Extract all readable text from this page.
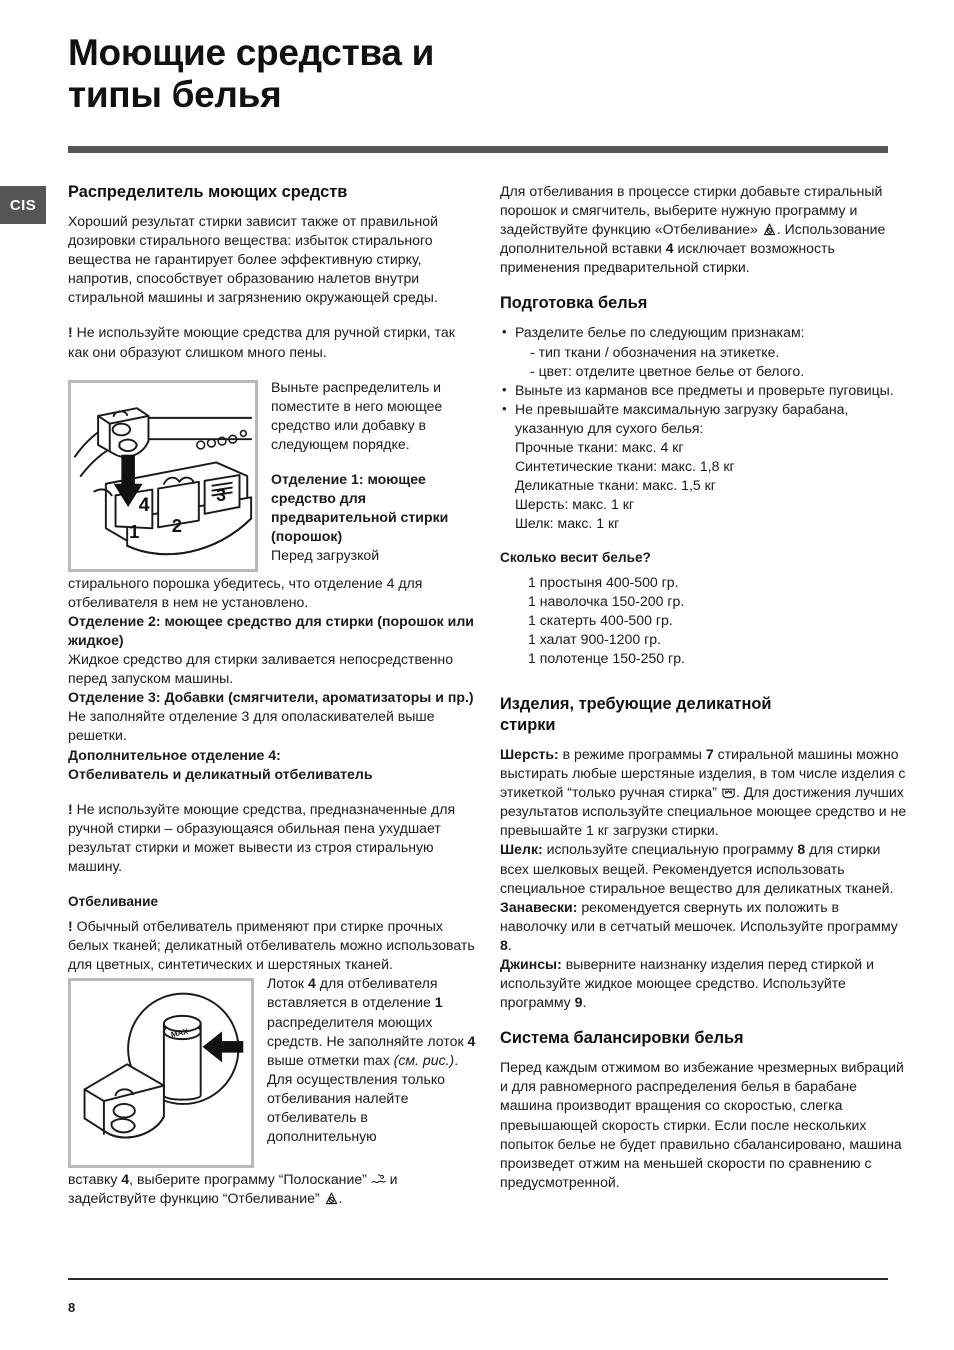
Моющие средства и
типы белья
CIS
Распределитель моющих средств

Хороший результат стирки зависит также от правильной дозировки стирального вещества: избыток стирального вещества не гарантирует более эффективную стирку, напротив, способствует образованию налетов внутри стиральной машины и загрязнению окружающей среды.

! Не используйте моющие средства для ручной стирки, так как они образуют слишком много пены.

4
1 2
3

Выньте распределитель и поместите в него моющее средство или добавку в следующем порядке.

Отделение 1: моющее средство для предварительной стирки (порошок)

Перед загрузкой

стирального порошка убедитесь, что отделение 4 для отбеливателя в нем не установлено.

Отделение 2: моющее средство для стирки (порошок или жидкое)

Жидкое средство для стирки заливается непосредственно перед запуском машины.

Отделение 3: Добавки (смягчители, ароматизаторы и пр.)

Не заполняйте отделение 3 для ополаскивателей выше решетки.

Дополнительное отделение 4:

Отбеливатель и деликатный отбеливатель

! Не используйте моющие средства, предназначенные для ручной стирки – образующаяся обильная пена ухудшает результат стирки и может вывести из строя стиральную машину.

Отбеливание

! Обычный отбеливатель применяют при стирке прочных белых тканей; деликатный отбеливатель можно использовать для цветных, синтетических и шерстяных тканей.

MAX

Лоток 4 для отбеливателя вставляется в отделение 1 распределителя моющих средств. Не заполняйте лоток 4 выше отметки max (см. рис.). Для осуществления только отбеливания налейте отбеливатель в дополнительную

вставку 4, выберите программу “Полоскание”
и задействуйте функцию “Отбеливание”
.

Для отбеливания в процессе стирки добавьте стиральный порошок и смягчитель, выберите нужную программу и задействуйте функцию «Отбеливание»
. Использование дополнительной вставки 4 исключает возможность применения предварительной стирки.

Подготовка белья
• Разделите белье по следующим признакам:
- тип ткани / обозначения на этикетке.
- цвет: отделите цветное белье от белого.
• Выньте из карманов все предметы и проверьте пуговицы.
• Не превышайте максимальную загрузку барабана, указанную для сухого белья:
Прочные ткани: макс. 4 кг
Синтетические ткани: макс. 1,8 кг
Деликатные ткани: макс. 1,5 кг
Шерсть: макс. 1 кг
Шелк: макс. 1 кг
Сколько весит белье?
1 простыня 400-500 гр.
1 наволочка 150-200 гр.
1 скатерть 400-500 гр.
1 халат 900-1200 гр.
1 полотенце 150-250 гр.
Изделия, требующие деликатной
стирки

Шерсть: в режиме программы 7 стиральной машины можно выстирать любые шерстяные изделия, в том числе изделия с этикеткой “только ручная стирка”
. Для достижения лучших результатов используйте специальное моющее средство и не превышайте 1 кг загрузки стирки.

Шелк: используйте специальную программу 8 для стирки всех шелковых вещей. Рекомендуется использовать специальное стиральное вещество для деликатных тканей.

Занавески: рекомендуется свернуть их положить в наволочку или в сетчатый мешочек. Используйте программу 8.

Джинсы: выверните наизнанку изделия перед стиркой и используйте жидкое моющее средство. Используйте программу 9.

Система балансировки белья

Перед каждым отжимом во избежание чрезмерных вибраций и для равномерного распределения белья в барабане машина производит вращения со скоростью, слегка превышающей скорость стирки. Если после нескольких попыток белье не будет правильно сбалансировано, машина произведет отжим на меньшей скорости по сравнению с предусмотренной.

8
